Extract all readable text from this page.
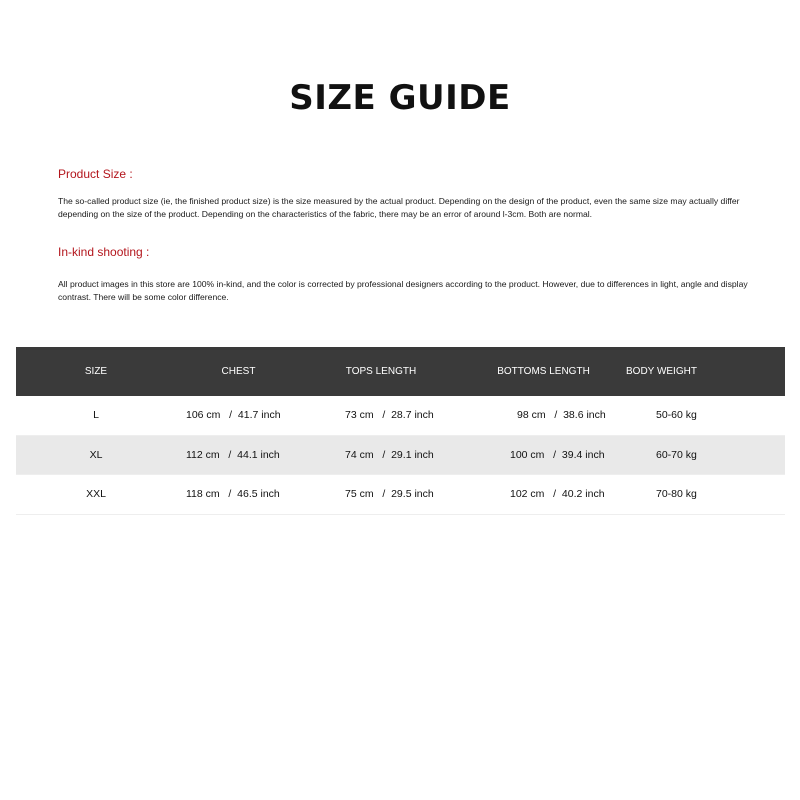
SIZE GUIDE
Product Size :
The so-called product size (ie, the finished product size) is the size measured by the actual product. Depending on the design of the product, even the same size may actually differ depending on the size of the product. Depending on the characteristics of the fabric, there may be an error of around l-3cm. Both are normal.
In-kind shooting :
All product images in this store are 100% in-kind, and the color is corrected by professional designers according to the product. However, due to differences in light, angle and display contrast. There will be some color difference.
SIZE	CHEST	TOPS LENGTH	BOTTOMS LENGTH	BODY WEIGHT
L	106 cm   /  41.7 inch	73 cm   /  28.7 inch	98 cm   /  38.6 inch	50-60 kg
XL	112 cm   /  44.1 inch	74 cm   /  29.1 inch	100 cm   /  39.4 inch	60-70 kg
XXL	118 cm   /  46.5 inch	75 cm   /  29.5 inch	102 cm   /  40.2 inch	70-80 kg
